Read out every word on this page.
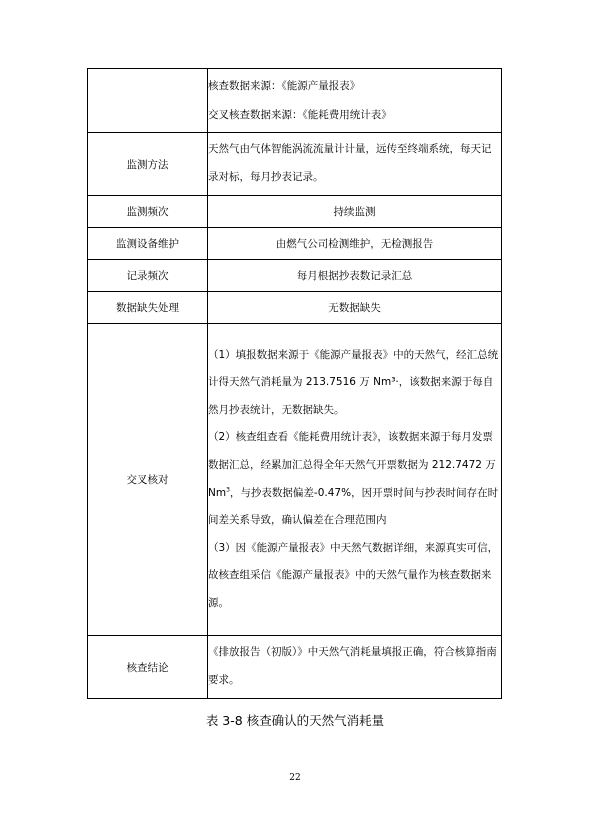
	核查数据来源：《能源产量报表》
交叉核查数据来源：《能耗费用统计表》

监测方法	天然气由气体智能涡流流量计计量，远传至终端系统，每天记录对标，每月抄表记录。
监测频次	持续监测
监测设备维护	由燃气公司检测维护，无检测报告
记录频次	每月根据抄表数记录汇总
数据缺失处理	无数据缺失
交叉核对	（1）填报数据来源于《能源产量报表》中的天然气，经汇总统计得天然气消耗量为 213.7516 万 Nm³·，该数据来源于每自然月抄表统计，无数据缺失。
（2）核查组查看《能耗费用统计表》，该数据来源于每月发票数据汇总，经累加汇总得全年天然气开票数据为 212.7472 万 Nm$^3$，与抄表数据偏差-0.47%，因开票时间与抄表时间存在时间差关系导致，确认偏差在合理范围内
（3）因《能源产量报表》中天然气数据详细，来源真实可信，故核查组采信《能源产量报表》中的天然气量作为核查数据来源。

核查结论	《排放报告（初版）》中天然气消耗量填报正确，符合核算指南要求。
表 3-8 核查确认的天然气消耗量
22
